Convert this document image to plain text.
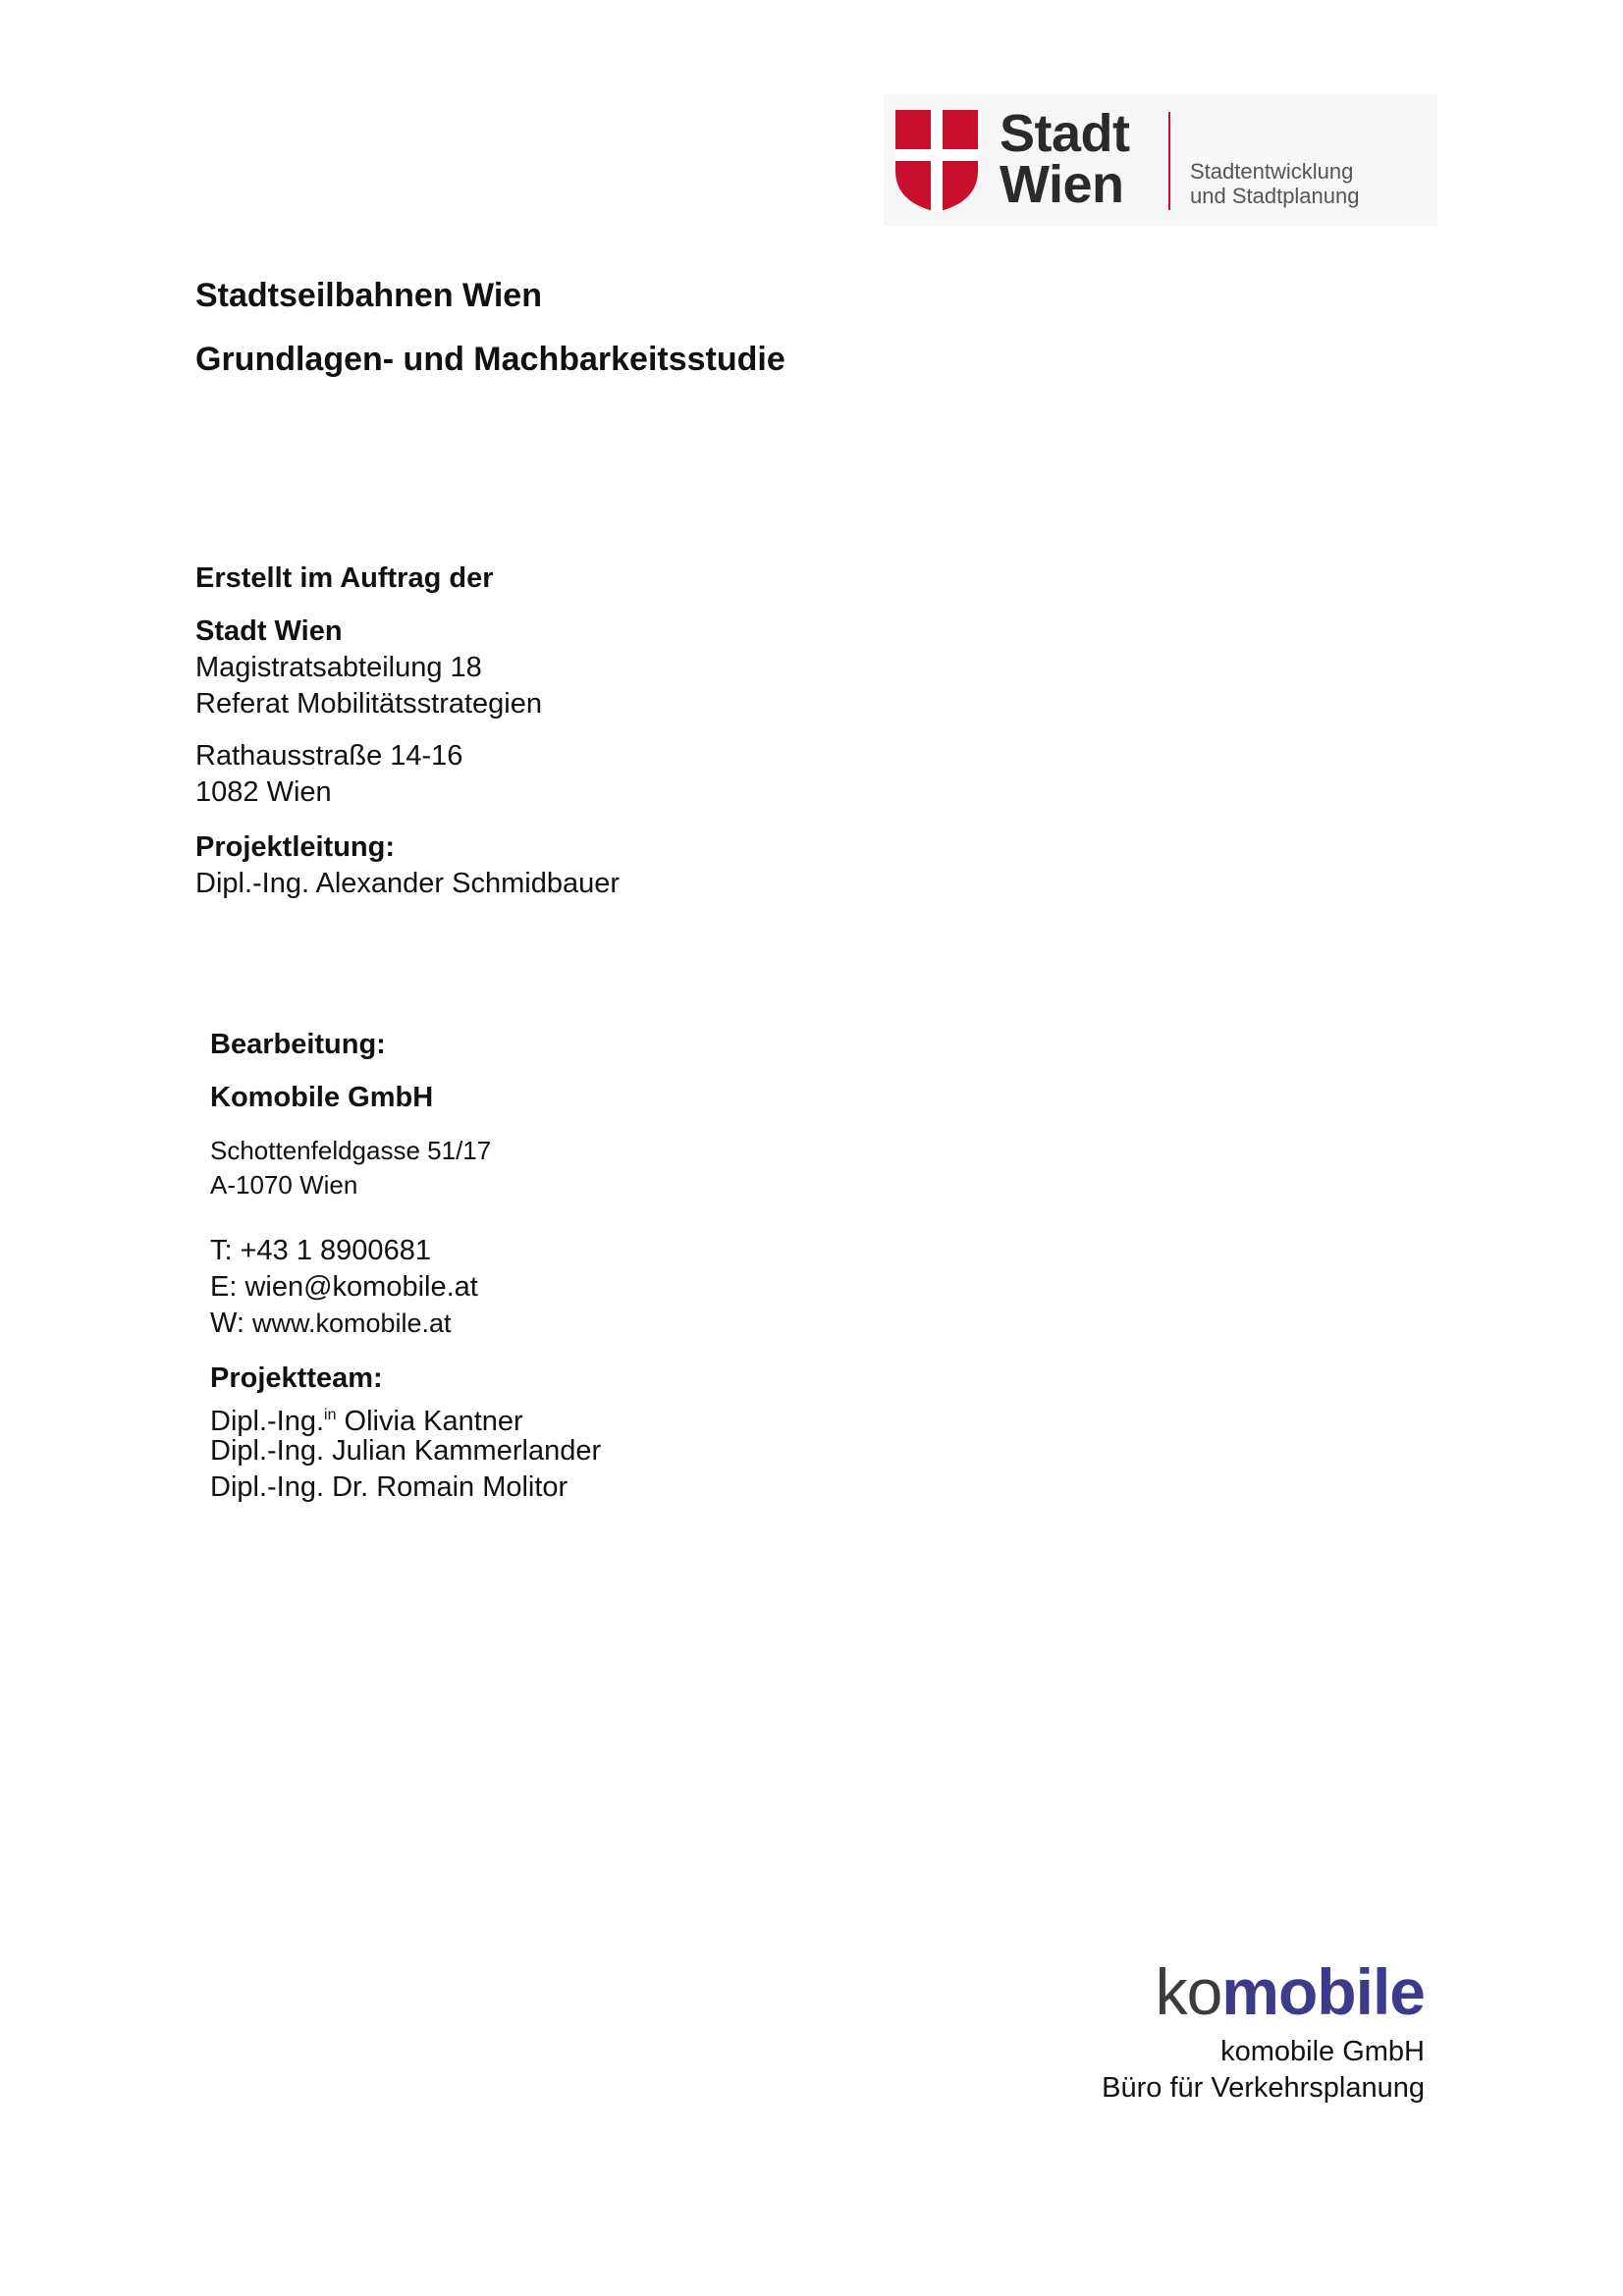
Stadt
Wien	Stadtentwicklung
und Stadtplanung
Stadtseilbahnen Wien
Grundlagen- und Machbarkeitsstudie
Erstellt im Auftrag der
Stadt Wien
Magistratsabteilung 18
Referat Mobilitätsstrategien
Rathausstraße 14-16
1082 Wien
Projektleitung:
Dipl.-Ing. Alexander Schmidbauer
Bearbeitung:
Komobile GmbH
Schottenfeldgasse 51/17
A-1070 Wien
T: +43 1 8900681
E: wien@komobile.at
W: www.komobile.at
Projektteam:
Dipl.-Ing.$^{in}$ Olivia Kantner
Dipl.-Ing. Julian Kammerlander
Dipl.-Ing. Dr. Romain Molitor
komobile
komobile GmbH
Büro für Verkehrsplanung
